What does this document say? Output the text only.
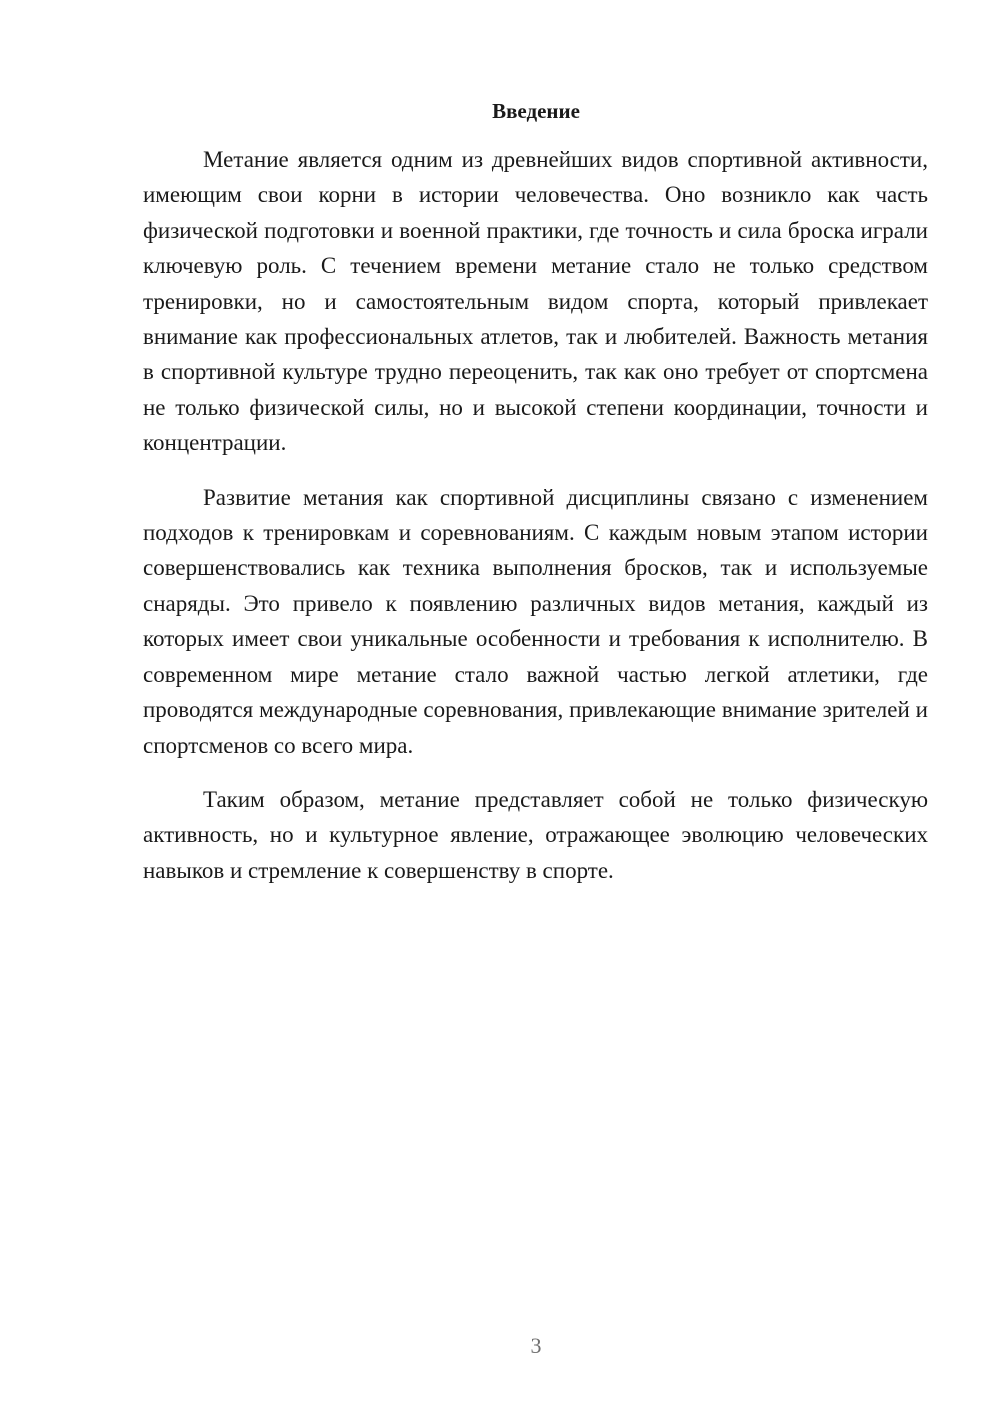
Введение

Метание является одним из древнейших видов спортивной активности, имеющим свои корни в истории человечества. Оно возникло как часть физической подготовки и военной практики, где точность и сила броска играли ключевую роль. С течением времени метание стало не только средством тренировки, но и самостоятельным видом спорта, который привлекает внимание как профессиональных атлетов, так и любителей. Важность метания в спортивной культуре трудно переоценить, так как оно требует от спортсмена не только физической силы, но и высокой степени координации, точности и концентрации.

Развитие метания как спортивной дисциплины связано с изменением подходов к тренировкам и соревнованиям. С каждым новым этапом истории совершенствовались как техника выполнения бросков, так и используемые снаряды. Это привело к появлению различных видов метания, каждый из которых имеет свои уникальные особенности и требования к исполнителю. В современном мире метание стало важной частью легкой атлетики, где проводятся международные соревнования, привлекающие внимание зрителей и спортсменов со всего мира.

Таким образом, метание представляет собой не только физическую активность, но и культурное явление, отражающее эволюцию человеческих навыков и стремление к совершенству в спорте.

3
